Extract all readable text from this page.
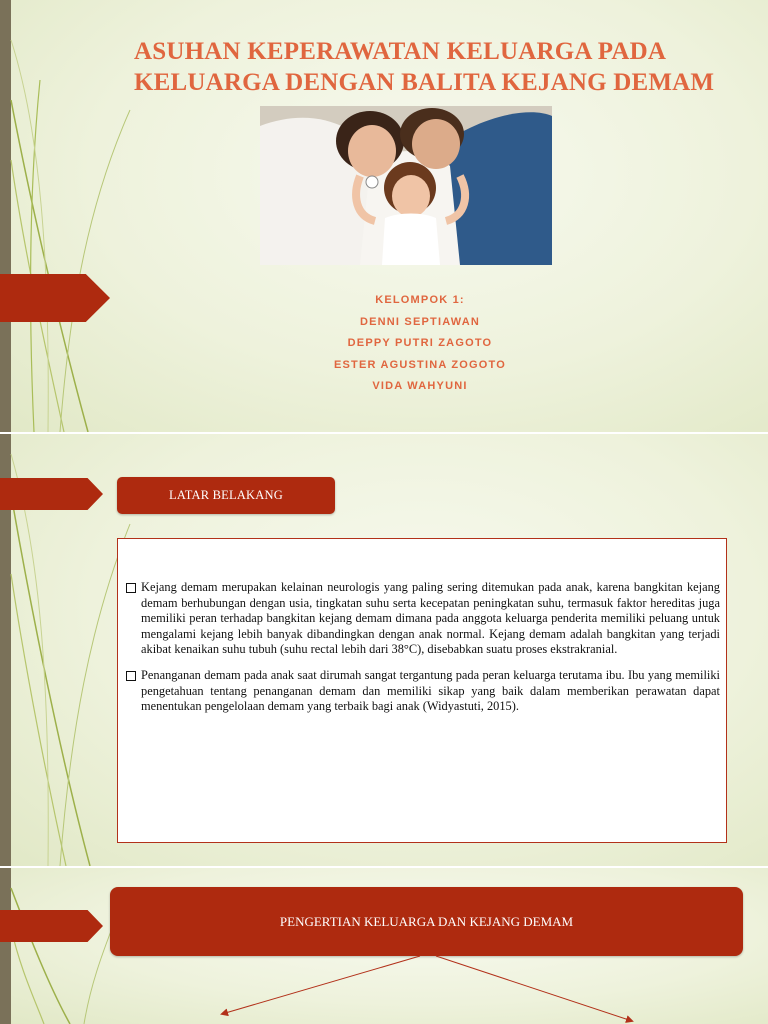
ASUHAN KEPERAWATAN KELUARGA PADA
KELUARGA DENGAN BALITA KEJANG DEMAM
KELOMPOK 1:
DENNI SEPTIAWAN
DEPPY PUTRI ZAGOTO
ESTER AGUSTINA ZOGOTO
VIDA WAHYUNI
LATAR BELAKANG
Kejang demam merupakan kelainan neurologis yang paling sering ditemukan pada anak, karena bangkitan kejang demam berhubungan dengan usia, tingkatan suhu serta kecepatan peningkatan suhu, termasuk faktor hereditas juga memiliki peran terhadap bangkitan kejang demam dimana pada anggota keluarga penderita memiliki peluang untuk mengalami kejang lebih banyak dibandingkan dengan anak normal. Kejang demam adalah bangkitan yang terjadi akibat kenaikan suhu tubuh (suhu rectal lebih dari 38°C), disebabkan suatu proses ekstrakranial.
Penanganan demam pada anak saat dirumah sangat tergantung pada peran keluarga terutama ibu. Ibu yang memiliki pengetahuan tentang penanganan demam dan memiliki sikap yang baik dalam memberikan perawatan dapat menentukan pengelolaan demam yang terbaik bagi anak (Widyastuti, 2015).
PENGERTIAN KELUARGA DAN KEJANG DEMAM
